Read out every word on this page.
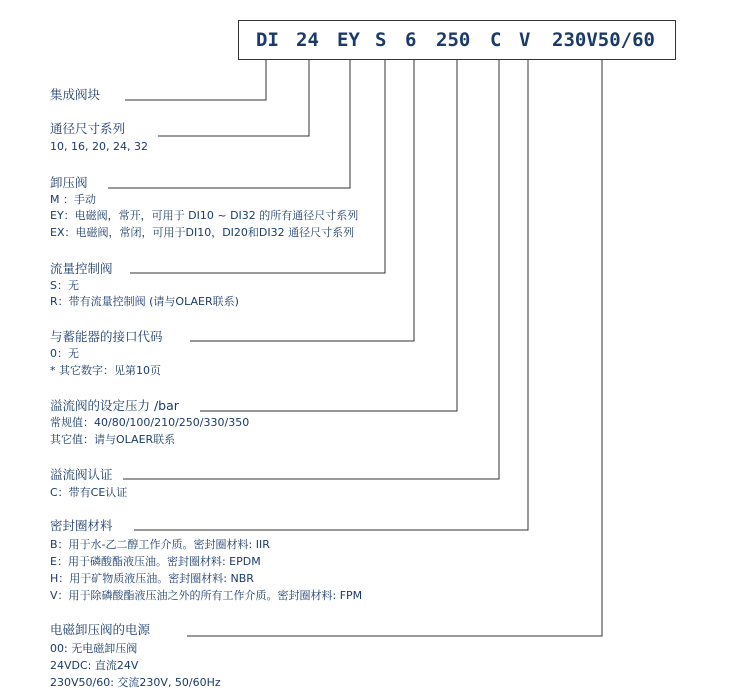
DI 24 EY S 6 250 C V 230V50/60
集成阀块
通径尺寸系列
10, 16, 20, 24, 32
卸压阀
M ：手动
EY：电磁阀，常开，可用于 DI10 ~ DI32 的所有通径尺寸系列
EX：电磁阀，常闭，可用于DI10，DI20和DI32 通径尺寸系列
流量控制阀
S：无
R：带有流量控制阀 (请与OLAER联系)
与蓄能器的接口代码
0：无
* 其它数字：见第10页
溢流阀的设定压力 /bar
常规值：40/80/100/210/250/330/350
其它值：请与OLAER联系
溢流阀认证
C：带有CE认证
密封圈材料
B：用于水-乙二醇工作介质。密封圈材料: IIR
E：用于磷酸酯液压油。密封圈材料: EPDM
H：用于矿物质液压油。密封圈材料: NBR
V：用于除磷酸酯液压油之外的所有工作介质。密封圈材料: FPM
电磁卸压阀的电源
00: 无电磁卸压阀
24VDC: 直流24V
230V50/60: 交流230V, 50/60Hz
